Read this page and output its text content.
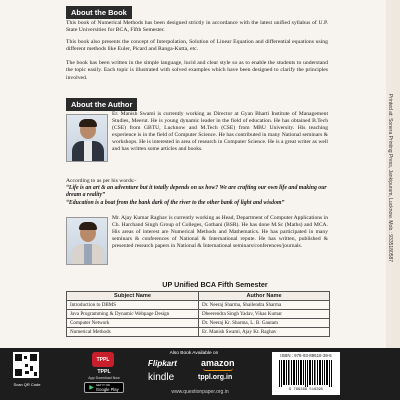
Printed at: Sonera Printing Press, Jankipuram, Lucknow. Mob.: 9335180587
About the Book

This book of Numerical Methods has been designed strictly in accordance with the latest unified syllabus of U.P. State Universities for BCA, Fifth Semester.

This book also presents the concept of Interpolation, Solution of Linear Equation and differential equations using different methods like Euler, Picard and Ranga-Kutta, etc.

The book has been written in the simple language, lucid and clear style so as to enable the students to understand the topic easily. Each topic is illustrated with solved examples which have been designed to clarify the principles involved.

About the Author

Er. Manish Swami is currently working as Director at Gyan Bharti Institute of Management Studies, Meerut. He is young dynamic leader in the field of education. He has obtained B.Tech (CSE) from GBTU, Lucknow and M.Tech (CSE) from MBU University. His teaching experience is in the field of Computer Science. He has contributed in many National seminars & workshops. He is interested in area of research in Computer Science. He is a great writer as well and has written some articles and books.

According to as per his words:-

“Life is an art & an adventure but it totally depends on us how? We are crafting our own life and making our dream a reality”

“Education is a boat from the bank dark of the river to the other bank of light and wisdom”

Mr. Ajay Kumar Raghav is currently working as Head, Department of Computer Applications in Ch. Harchand Singh Group of Colleges, Gothani (BSR). He has done M.Sc (Maths) and MCA. His areas of interest are Numerical Methods and Mathematics. He has participated in many seminars & conferences of National & International repute. He has written, published & presented research papers in National & International seminars/conferences/journals.

UP Unified BCA Fifth Semester
Subject Name	Author Name
Introduction to DBMS	Dr. Neeraj Sharma, Shailendra Sharma
Java Programming & Dynamic Webpage Design	Dheerendra Singh Yadav, Vikas Kumar
Computer Network	Dr. Neeraj Kr. Sharma, L. B. Gautam
Numerical Methods	Er. Manish Swami, Ajay Kr. Raghav
Scan QR Code
TPPL
TPPL
App Download Now
▶
GET IT ON
Google Play
Also Book Available on
Flipkart	amazon
kindle	tppl.org.in
www.questionpaper.org.in
ISBN : 978-93-89516-39-5
9 789389 516395
